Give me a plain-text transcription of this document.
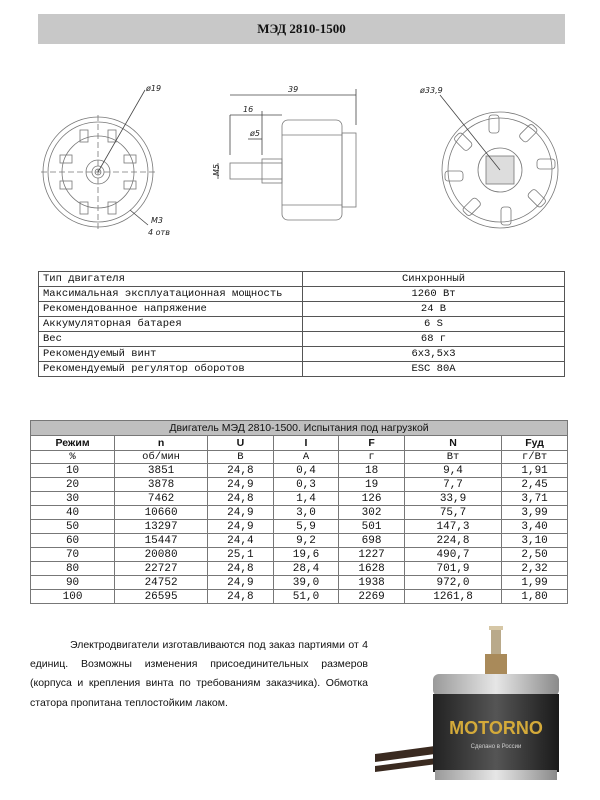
МЭД 2810-1500
ø19
М3
4 отв
39
16
ø5
М5
ø33,9
Тип двигателя	Синхронный
Максимальная эксплуатационная мощность	1260 Вт
Рекомендованное напряжение	24 В
Аккумуляторная батарея	6 S
Вес	68 г
Рекомендуемый винт	6х3,5х3
Рекомендуемый регулятор оборотов	ESC 80A
Двигатель МЭД 2810-1500. Испытания под нагрузкой						
Режим	n	U	I	F	N	Fуд
%	об/мин	В	А	г	Вт	г/Вт
10	3851	24,8	0,4	18	9,4	1,91
20	3878	24,9	0,3	19	7,7	2,45
30	7462	24,8	1,4	126	33,9	3,71
40	10660	24,9	3,0	302	75,7	3,99
50	13297	24,9	5,9	501	147,3	3,40
60	15447	24,4	9,2	698	224,8	3,10
70	20080	25,1	19,6	1227	490,7	2,50
80	22727	24,8	28,4	1628	701,9	2,32
90	24752	24,9	39,0	1938	972,0	1,99
100	26595	24,8	51,0	2269	1261,8	1,80
Электродвигатели изготавливаются под заказ партиями от 4 единиц. Возможны изменения присоединительных размеров (корпуса и крепления винта по требованиям заказчика). Обмотка статора пропитана теплостойким лаком.
MOTORNO
Сделано в России
